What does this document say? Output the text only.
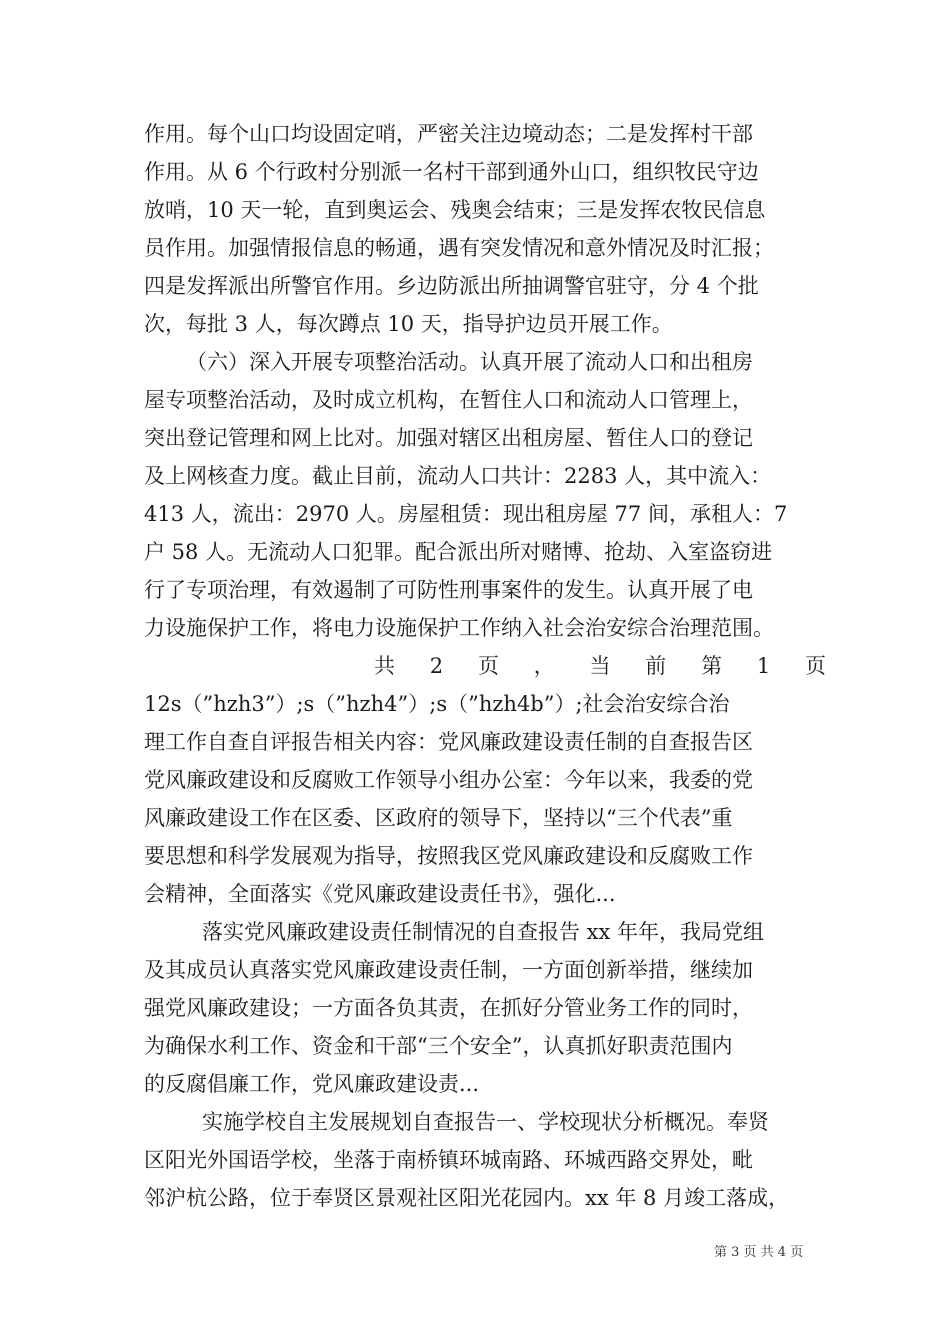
作用。每个山口均设固定哨，严密关注边境动态；二是发挥村干部
作用。从 6 个行政村分别派一名村干部到通外山口，组织牧民守边
放哨，10 天一轮，直到奥运会、残奥会结束；三是发挥农牧民信息
员作用。加强情报信息的畅通，遇有突发情况和意外情况及时汇报；
四是发挥派出所警官作用。乡边防派出所抽调警官驻守，分 4 个批
次，每批 3 人，每次蹲点 10 天，指导护边员开展工作。
（六）深入开展专项整治活动。认真开展了流动人口和出租房
屋专项整治活动，及时成立机构，在暂住人口和流动人口管理上，
突出登记管理和网上比对。加强对辖区出租房屋、暂住人口的登记
及上网核查力度。截止目前，流动人口共计：2283 人，其中流入：
413 人，流出：2970 人。房屋租赁：现出租房屋 77 间，承租人：7
户 58 人。无流动人口犯罪。配合派出所对赌博、抢劫、入室盗窃进
行了专项治理，有效遏制了可防性刑事案件的发生。认真开展了电
力设施保护工作，将电力设施保护工作纳入社会治安综合治理范围。
共 2 页 ， 当 前 第 1 页
12s（”hzh3”）;s（”hzh4”）;s（”hzh4b”）;社会治安综合治
理工作自查自评报告相关内容：党风廉政建设责任制的自查报告区
党风廉政建设和反腐败工作领导小组办公室：今年以来，我委的党
风廉政建设工作在区委、区政府的领导下，坚持以“三个代表”重
要思想和科学发展观为指导，按照我区党风廉政建设和反腐败工作
会精神，全面落实《党风廉政建设责任书》，强化...
落实党风廉政建设责任制情况的自查报告 xx 年年，我局党组
及其成员认真落实党风廉政建设责任制，一方面创新举措，继续加
强党风廉政建设；一方面各负其责，在抓好分管业务工作的同时，
为确保水利工作、资金和干部“三个安全”，认真抓好职责范围内
的反腐倡廉工作，党风廉政建设责...
实施学校自主发展规划自查报告一、学校现状分析概况。奉贤
区阳光外国语学校，坐落于南桥镇环城南路、环城西路交界处，毗
邻沪杭公路，位于奉贤区景观社区阳光花园内。xx 年 8 月竣工落成，
第 3 页 共 4 页
